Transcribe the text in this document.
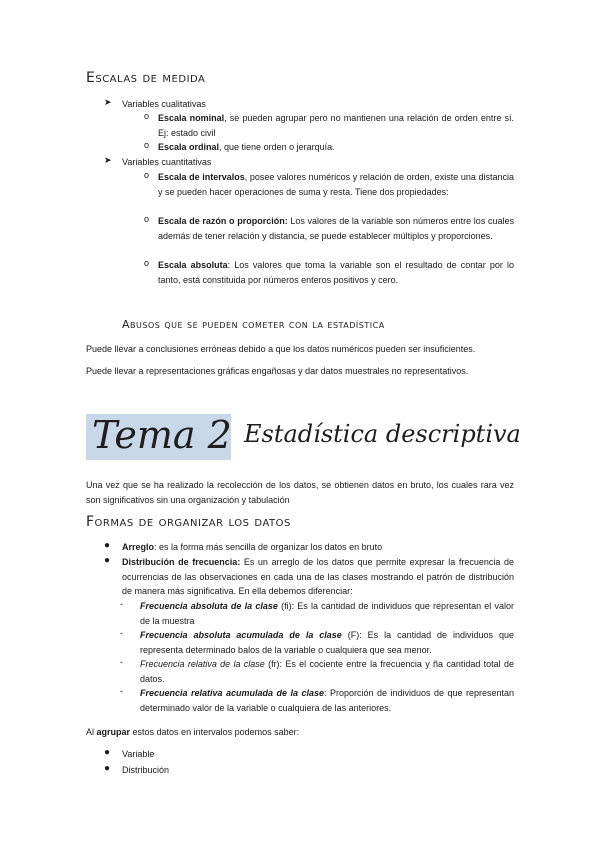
Escalas de medida
➤ Variables cualitativas
o Escala nominal, se pueden agrupar pero no mantienen una relación de orden entre sí. Ej: estado civil
o Escala ordinal, que tiene orden o jerarquía.
➤ Variables cuantitativas
o Escala de intervalos, posee valores numéricos y relación de orden, existe una distancia y se pueden hacer operaciones de suma y resta. Tiene dos propiedades:
o Escala de razón o proporción: Los valores de la variable son números entre los cuales además de tener relación y distancia, se puede establecer múltiplos y proporciones.
o Escala absoluta: Los valores que toma la variable son el resultado de contar por lo tanto, está constituida por números enteros positivos y cero.
Abusos que se pueden cometer con la estadística
Puede llevar a conclusiones erróneas debido a que los datos numéricos pueden ser insuficientes.
Puede llevar a representaciones gráficas engañosas y dar datos muestrales no representativos.
Tema 2 Estadística descriptiva
Una vez que se ha realizado la recolección de los datos, se obtienen datos en bruto, los cuales rara vez son significativos sin una organización y tabulación
Formas de organizar los datos
● Arreglo: es la forma más sencilla de organizar los datos en bruto
● Distribución de frecuencia: Es un arreglo de los datos que permite expresar la frecuencia de ocurrencias de las observaciones en cada una de las clases mostrando el patrón de distribución de manera más significativa. En ella debemos diferenciar:
- Frecuencia absoluta de la clase (fi): Es la cantidad de individuos que representan el valor de la muestra
- Frecuencia absoluta acumulada de la clase (F): Es la cantidad de individuos que representa determinado balos de la variable o cualquiera que sea menor.
- Frecuencia relativa de la clase (fr): Es el cociente entre la frecuencia y ña cantidad total de datos.
- Frecuencia relativa acumulada de la clase: Proporción de individuos de que representan determinado valor de la variable o cualquiera de las anteriores.
Al agrupar estos datos en intervalos podemos saber:
● Variable
● Distribución
